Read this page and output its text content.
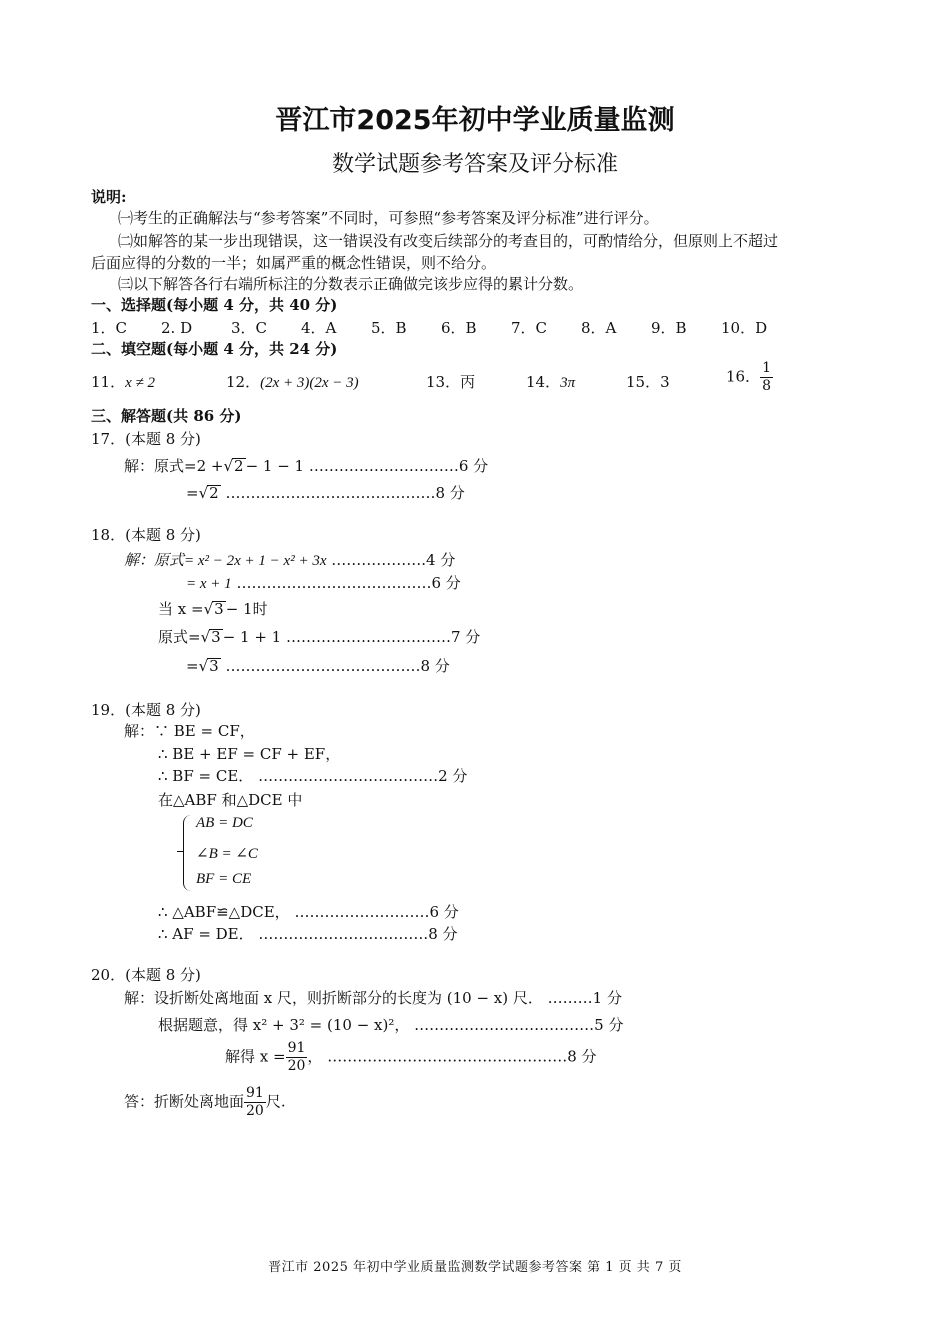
晋江市2025年初中学业质量监测
数学试题参考答案及评分标准
说明:
㈠考生的正确解法与“参考答案”不同时，可参照“参考答案及评分标准”进行评分。
㈡如解答的某一步出现错误，这一错误没有改变后续部分的考查目的，可酌情给分，但原则上不超过
后面应得的分数的一半；如属严重的概念性错误，则不给分。
㈢以下解答各行右端所标注的分数表示正确做完该步应得的累计分数。
一、选择题(每小题 4 分，共 40 分)
1．C 2. D	3．C 4．A 5．B 6．B 7．C 8．A 9．B 10．D
二、填空题(每小题 4 分，共 24 分)
11．x ≠ 2	12．(2x + 3)(2x − 3)	13．丙	14．3π	15．3	16． $\frac{1}{8}$
三、解答题(共 86 分)
17．(本题 8 分)
解：原式=2 +√2 − 1 − 1 …………………………6 分
=√2 ……………………………………8 分
18．(本题 8 分)
解：原式= x² − 2x + 1 − x² + 3x ……………….4 分
= x + 1 …………………………………6 分
当 x =√3 − 1时
原式=√3 − 1 + 1 ……………………………7 分
=√3 …………………………………8 分
19．(本题 8 分)
解：∵ BE = CF，
∴ BE + EF = CF + EF，
∴ BF = CE． ………………………………2 分
在△ABF 和△DCE 中
AB = DC
∠B = ∠C
BF = CE
∴ △ABF≌△DCE， ………………………6 分
∴ AF = DE． …………………………….8 分
20．(本题 8 分)
解：设折断处离地面 x 尺，则折断部分的长度为 (10 − x) 尺． ………1 分
根据题意，得 x² + 3² = (10 − x)²， ………………………………5 分
解得 $x = \frac{91}{20}$ ， …………………………………………8 分
答：折断处离地面 $\frac{91}{20}$ 尺.
晋江市 2025 年初中学业质量监测数学试题参考答案 第 1 页 共 7 页
